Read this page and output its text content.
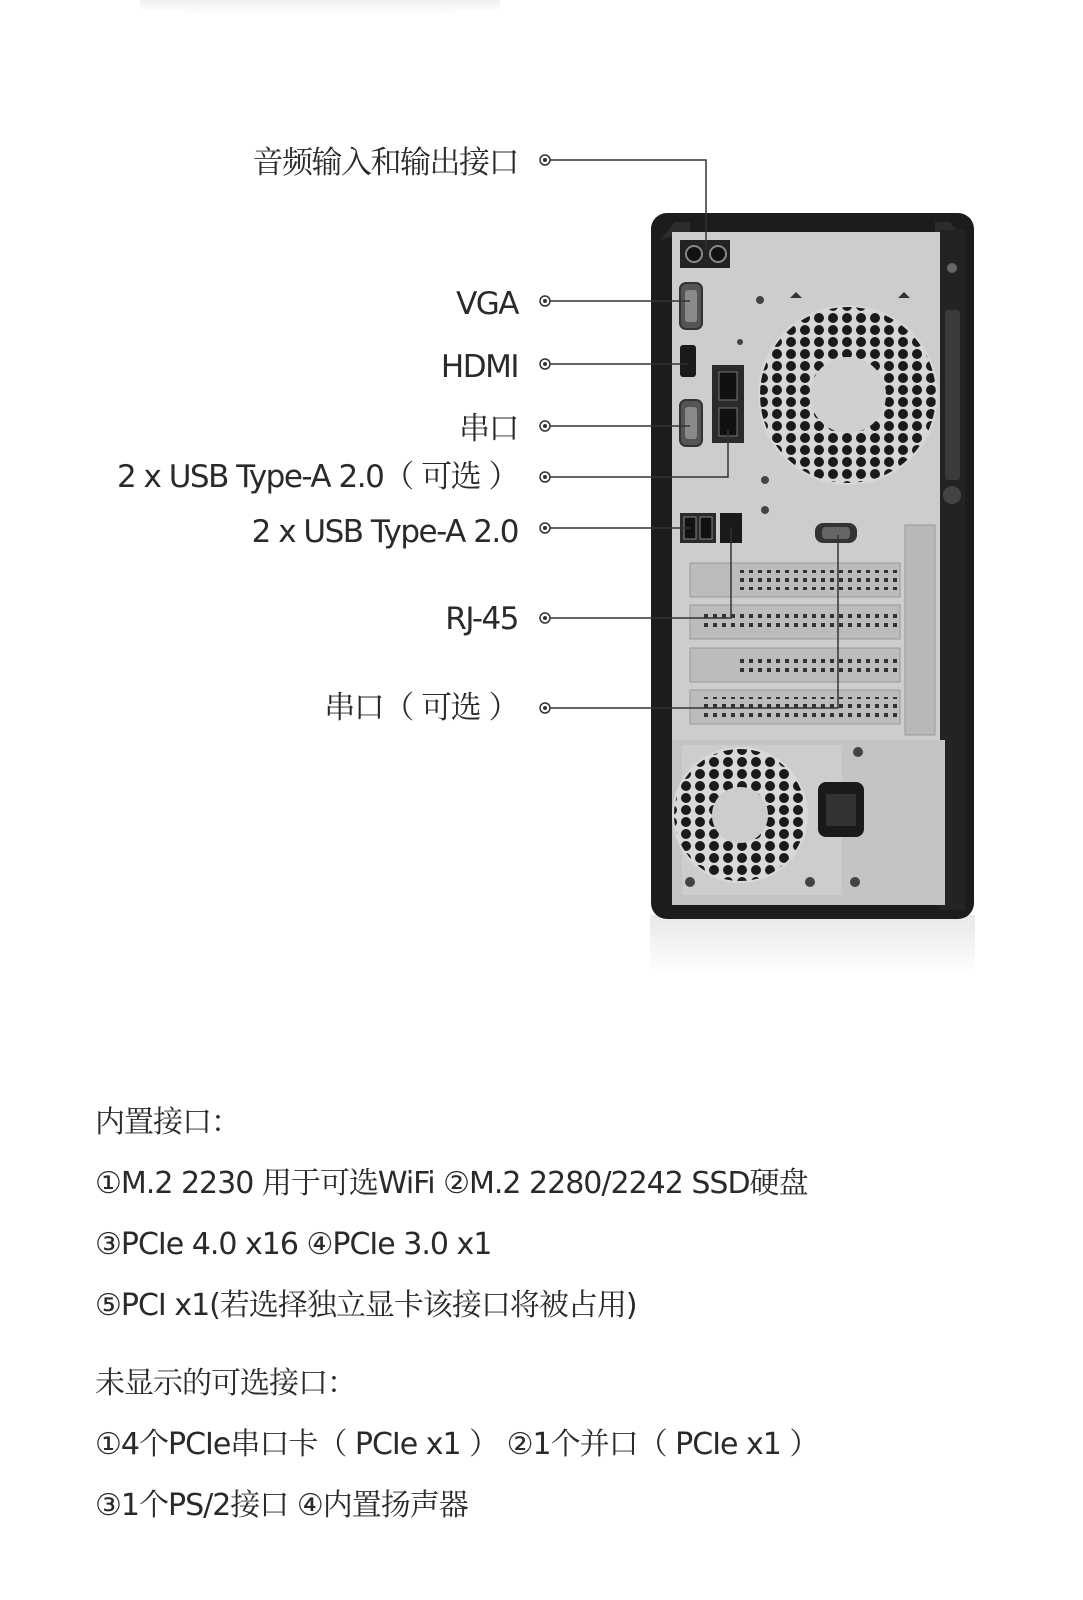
音频输入和输出接口
VGA
HDMI
串口
2 x USB Type-A 2.0（ 可选 ）
2 x USB Type-A 2.0
RJ-45
串口（ 可选 ）
内置接口：
①M.2 2230 用于可选WiFi ②M.2 2280/2242 SSD硬盘
③PCIe 4.0 x16 ④PCIe 3.0 x1
⑤PCI x1(若选择独立显卡该接口将被占用)
未显示的可选接口：
①4个PCIe串口卡（ PCIe x1 ） ②1个并口（ PCIe x1 ）
③1个PS/2接口 ④内置扬声器
